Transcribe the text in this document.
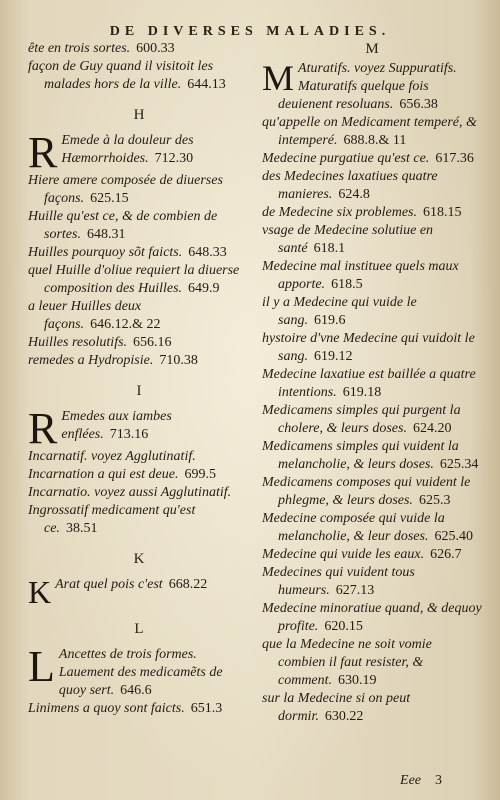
DE DIVERSES MALADIES.

ête en trois sortes. 600.33

façon de Guy quand il visitoit les malades hors de la ville. 644.13

H
R Emede à la douleur des Hæmorrhoides. 712.30

Hiere amere composée de diuerses façons. 625.15

Huille qu'est ce, & de combien de sortes. 648.31

Huilles pourquoy sõt faicts. 648.33

quel Huille d'oliue requiert la diuerse composition des Huilles. 649.9

a leuer Huilles deux façons. 646.12.& 22

Huilles resolutifs. 656.16

remedes a Hydropisie. 710.38

I
R Emedes aux iambes enflées. 713.16

Incarnatif. voyez Agglutinatif.

Incarnation a qui est deue. 699.5

Incarnatio. voyez aussi Agglutinatif.

Ingrossatif medicament qu'est ce. 38.51

K
K Arat quel pois c'est 668.22

L
L Ancettes de trois formes.

Lauement des medicamẽts de quoy sert. 646.6

Linimens a quoy sont faicts. 651.3

M
M Aturatifs. voyez Suppuratifs.

Maturatifs quelque fois deuienent resoluans. 656.38

qu'appelle on Medicament temperé, & intemperé. 688.8.& 11

Medecine purgatiue qu'est ce. 617.36

des Medecines laxatiues quatre manieres. 624.8

de Medecine six problemes. 618.15

vsage de Medecine solutiue en santé 618.1

Medecine mal instituee quels maux apporte. 618.5

il y a Medecine qui vuide le sang. 619.6

hystoire d'vne Medecine qui vuidoit le sang. 619.12

Medecine laxatiue est baillée a quatre intentions. 619.18

Medicamens simples qui purgent la cholere, & leurs doses. 624.20

Medicamens simples qui vuident la melancholie, & leurs doses. 625.34

Medicamens composes qui vuident le phlegme, & leurs doses. 625.3

Medecine composée qui vuide la melancholie, & leur doses. 625.40

Medecine qui vuide les eaux. 626.7

Medecines qui vuident tous humeurs. 627.13

Medecine minoratiue quand, & dequoy profite. 620.15

que la Medecine ne soit vomie combien il faut resister, & comment. 630.19

sur la Medecine si on peut dormir. 630.22

Eee 3
